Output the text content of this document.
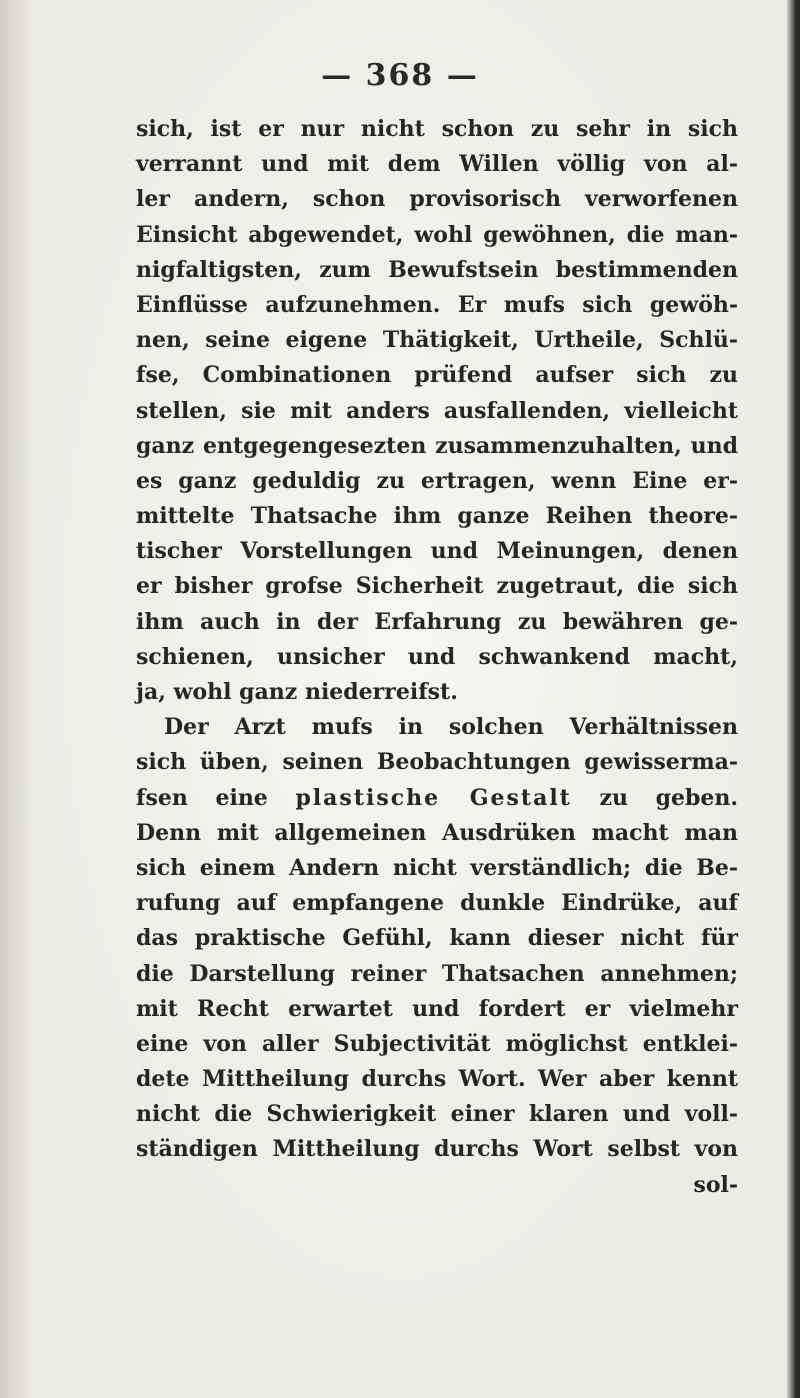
— 368 —
sich, ist er nur nicht schon zu sehr in sich
verrannt und mit dem Willen völlig von al-
ler andern, schon provisorisch verworfenen
Einsicht abgewendet, wohl gewöhnen, die man-
nigfaltigsten, zum Bewufstsein bestimmenden
Einflüsse aufzunehmen. Er mufs sich gewöh-
nen, seine eigene Thätigkeit, Urtheile, Schlü-
fse, Combinationen prüfend aufser sich zu
stellen, sie mit anders ausfallenden, vielleicht
ganz entgegengesezten zusammenzuhalten, und
es ganz geduldig zu ertragen, wenn Eine er-
mittelte Thatsache ihm ganze Reihen theore-
tischer Vorstellungen und Meinungen, denen
er bisher grofse Sicherheit zugetraut, die sich
ihm auch in der Erfahrung zu bewähren ge-
schienen, unsicher und schwankend macht,
ja, wohl ganz niederreifst.
Der Arzt mufs in solchen Verhältnissen
sich üben, seinen Beobachtungen gewisserma-
fsen eine plastische Gestalt zu geben.
Denn mit allgemeinen Ausdrüken macht man
sich einem Andern nicht verständlich; die Be-
rufung auf empfangene dunkle Eindrüke, auf
das praktische Gefühl, kann dieser nicht für
die Darstellung reiner Thatsachen annehmen;
mit Recht erwartet und fordert er vielmehr
eine von aller Subjectivität möglichst entklei-
dete Mittheilung durchs Wort. Wer aber kennt
nicht die Schwierigkeit einer klaren und voll-
ständigen Mittheilung durchs Wort selbst von
sol-
